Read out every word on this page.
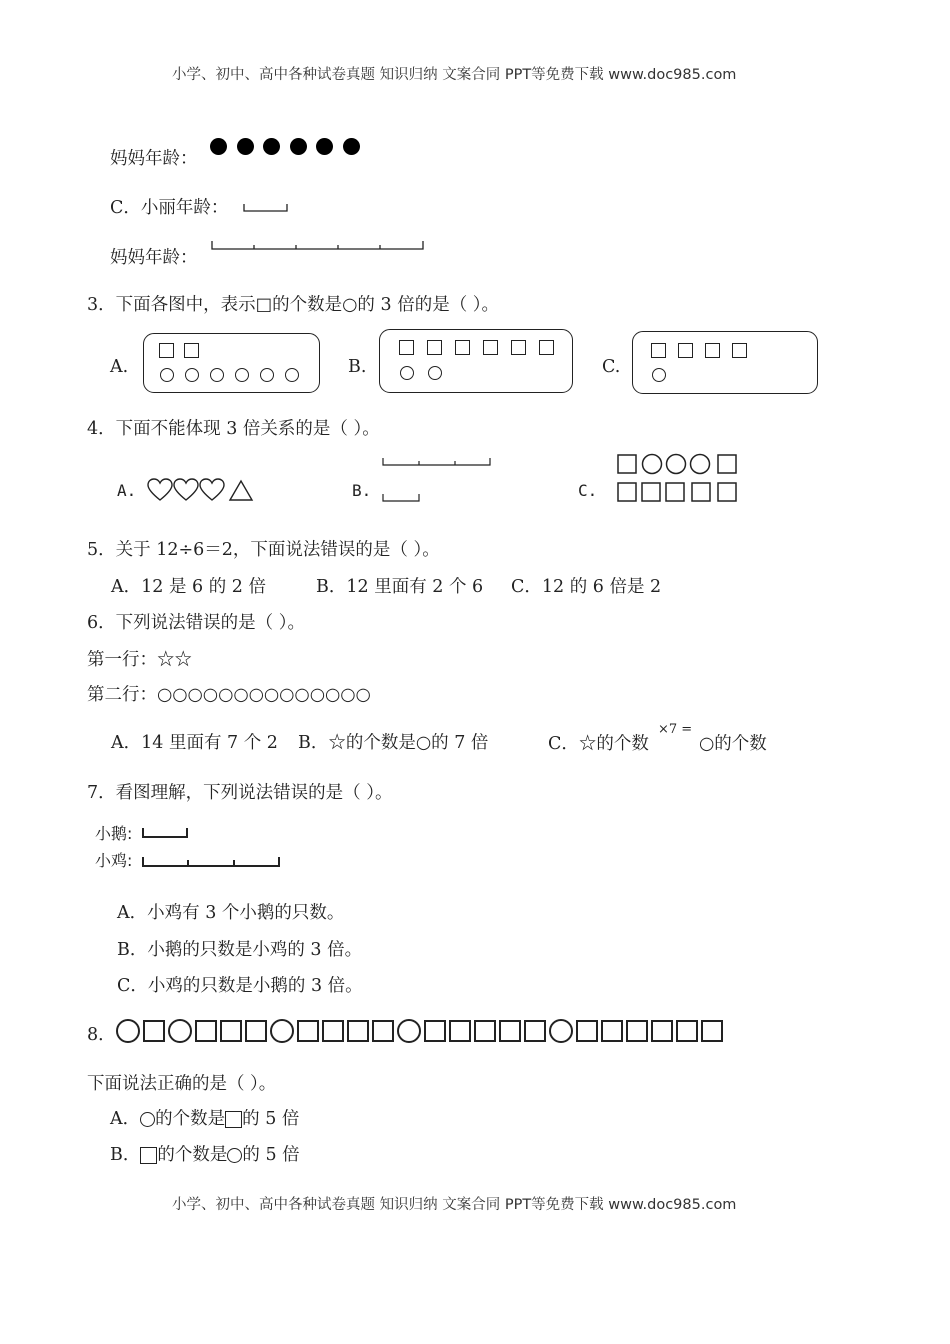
小学、初中、高中各种试卷真题 知识归纳 文案合同 PPT等免费下载 www.doc985.com
妈妈年龄：
C．小丽年龄：
妈妈年龄：
3．下面各图中，表示□的个数是○的 3 倍的是（ ）。
A.	B.	C.
4．下面不能体现 3 倍关系的是（ ）。
A.	B.	C.
5．关于 12÷6＝2，下面说法错误的是（ ）。
A．12 是 6 的 2 倍	B．12 里面有 2 个 6 C．12 的 6 倍是 2
6．下列说法错误的是（ ）。
第一行：☆☆
第二行：○○○○○○○○○○○○○○
A．14 里面有 7 个 2 B．☆的个数是○的 7 倍	C．☆的个数
×7 =
○的个数
7．看图理解，下列说法错误的是（ ）。
小鹅:
小鸡:
A．小鸡有 3 个小鹅的只数。
B．小鹅的只数是小鸡的 3 倍。
C．小鸡的只数是小鹅的 3 倍。
8．
下面说法正确的是（ ）。
A． 的个数是 的 5 倍
B． 的个数是 的 5 倍
小学、初中、高中各种试卷真题 知识归纳 文案合同 PPT等免费下载 www.doc985.com
